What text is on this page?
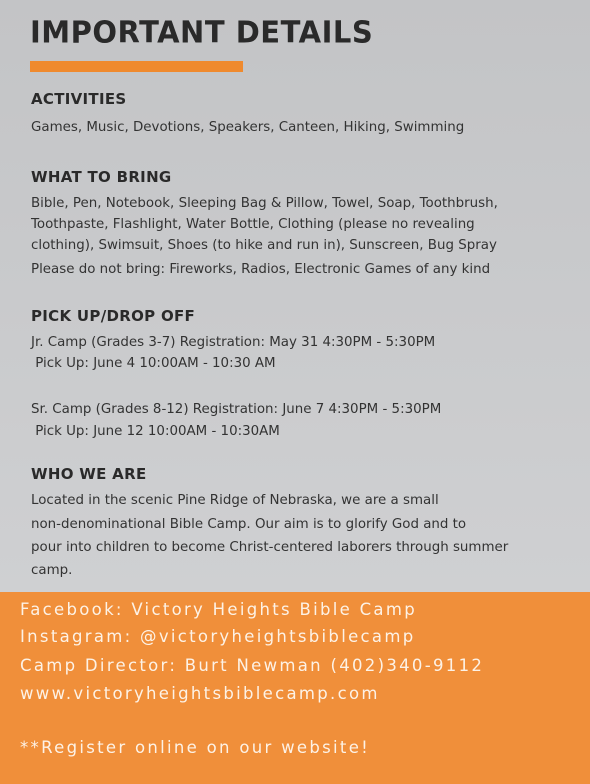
IMPORTANT DETAILS
ACTIVITIES
Games, Music, Devotions, Speakers, Canteen, Hiking, Swimming
WHAT TO BRING
Bible, Pen, Notebook, Sleeping Bag & Pillow, Towel, Soap, Toothbrush,
Toothpaste, Flashlight, Water Bottle, Clothing (please no revealing
clothing), Swimsuit, Shoes (to hike and run in), Sunscreen, Bug Spray
Please do not bring: Fireworks, Radios, Electronic Games of any kind
PICK UP/DROP OFF
Jr. Camp (Grades 3-7) Registration: May 31 4:30PM - 5:30PM
Pick Up: June 4 10:00AM - 10:30 AM
Sr. Camp (Grades 8-12) Registration: June 7 4:30PM - 5:30PM
Pick Up: June 12 10:00AM - 10:30AM
WHO WE ARE
Located in the scenic Pine Ridge of Nebraska, we are a small
non-denominational Bible Camp. Our aim is to glorify God and to
pour into children to become Christ-centered laborers through summer
camp.
Facebook: Victory Heights Bible Camp
Instagram: @victoryheightsbiblecamp
Camp Director: Burt Newman (402)340-9112
www.victoryheightsbiblecamp.com
**Register online on our website!
